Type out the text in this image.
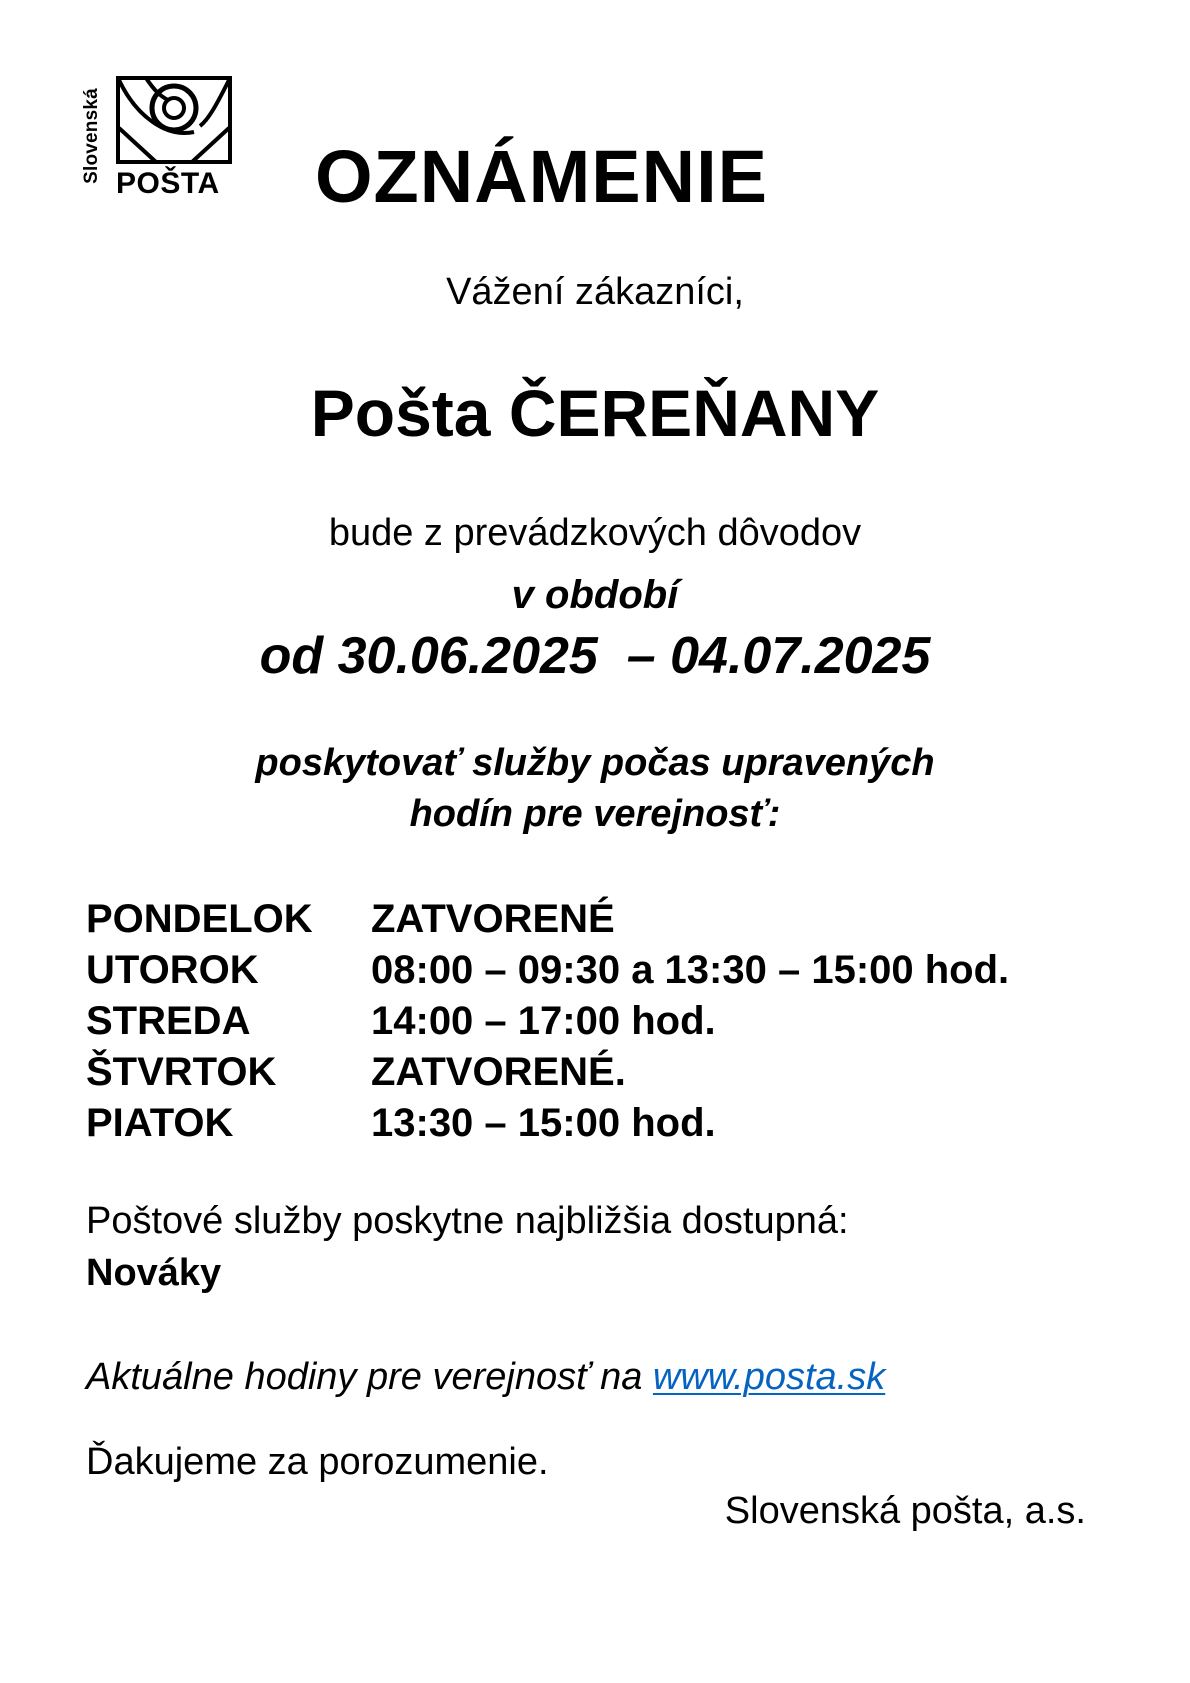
Slovenská POŠTA OZNÁMENIE
Vážení zákazníci,
Pošta ČEREŇANY
bude z prevádzkových dôvodov
v období
od 30.06.2025  – 04.07.2025
poskytovať služby počas upravených
hodín pre verejnosť:
PONDELOK ZATVORENÉ
UTOROK	08:00 – 09:30 a 13:30 – 15:00 hod.
STREDA	14:00 – 17:00 hod.
ŠTVRTOK ZATVORENÉ.
PIATOK	13:30 – 15:00 hod.
Poštové služby poskytne najbližšia dostupná:
Nováky
Aktuálne hodiny pre verejnosť na www.posta.sk
Ďakujeme za porozumenie.
Slovenská pošta, a.s.
